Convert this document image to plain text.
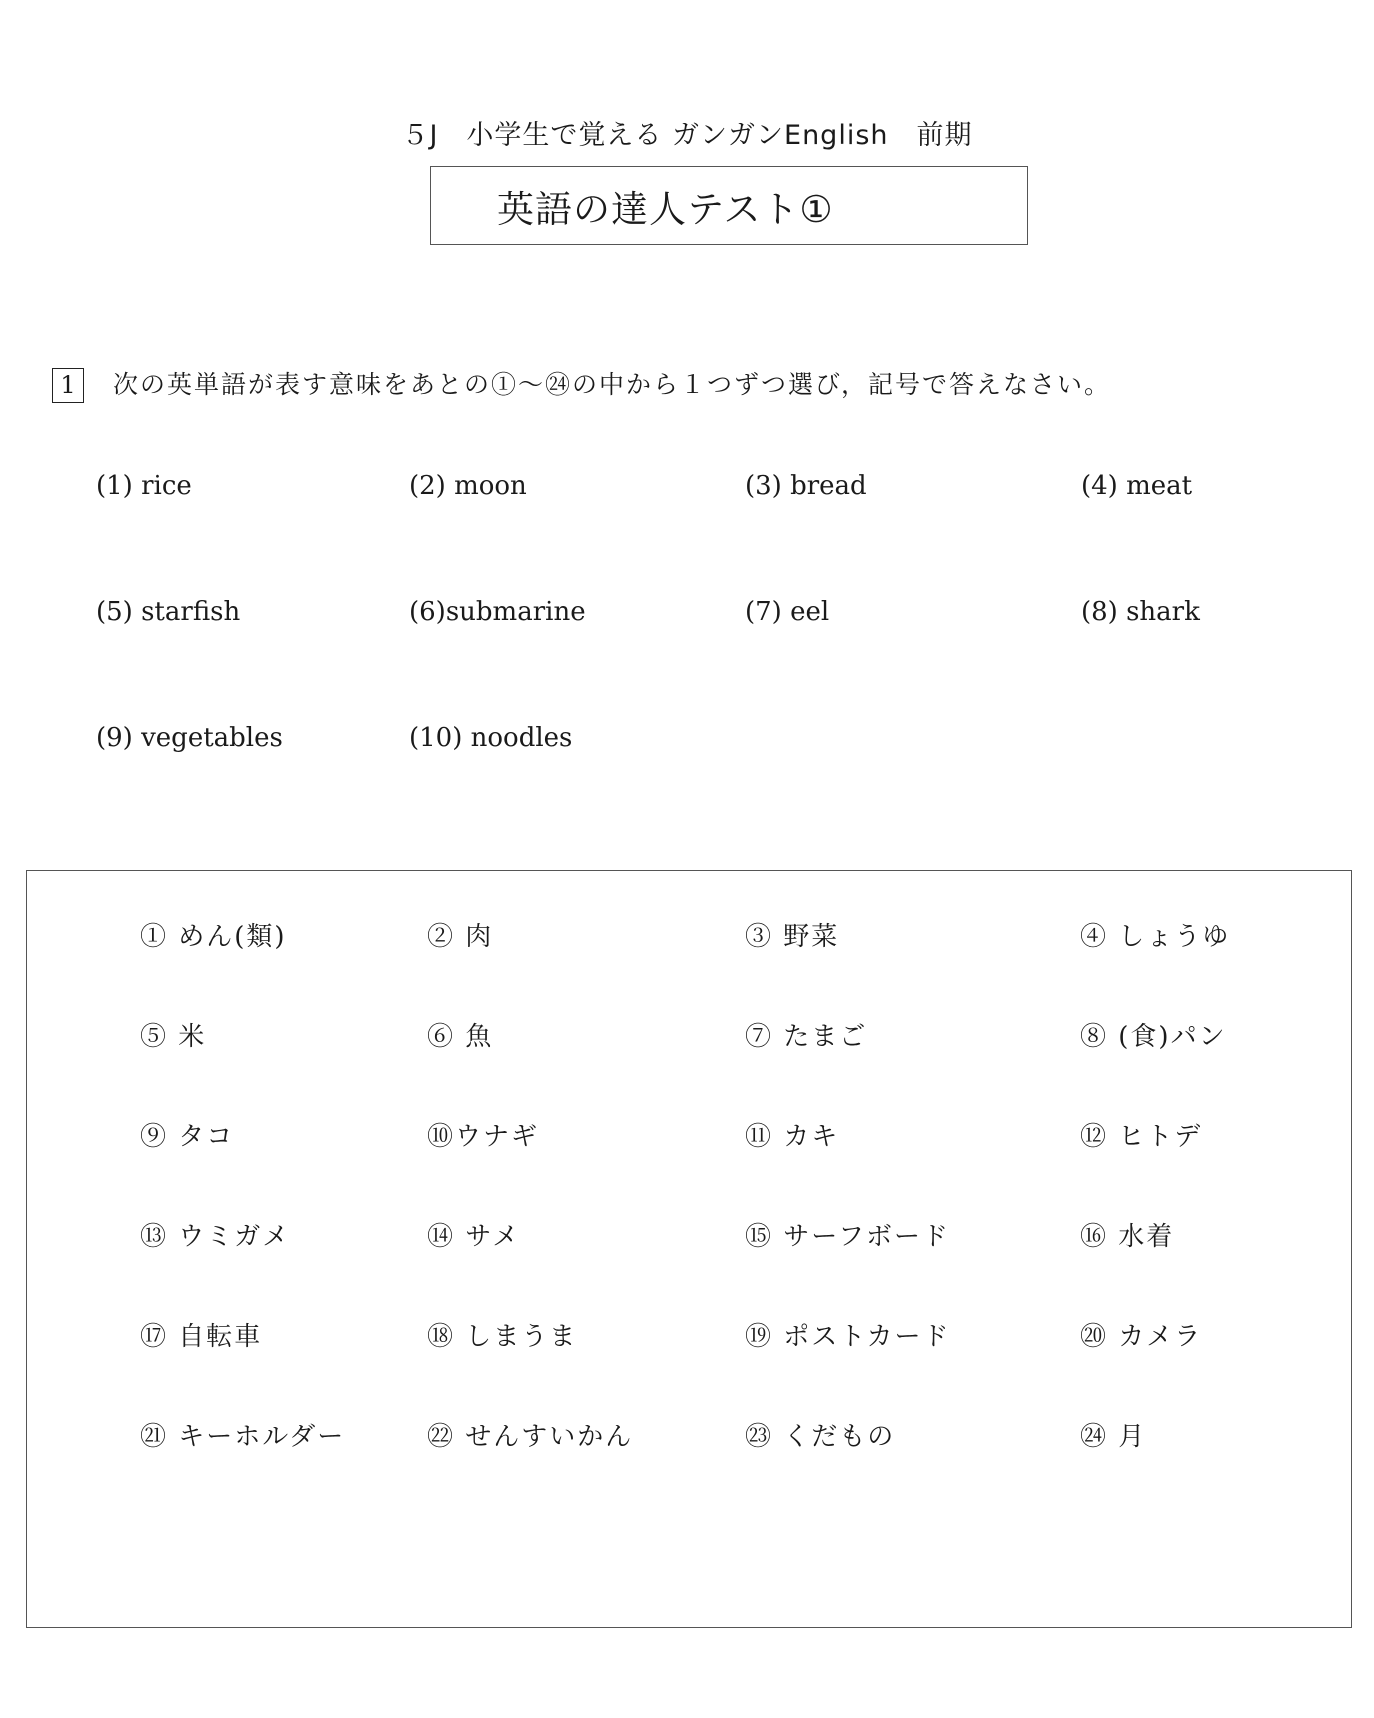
５J　小学生で覚える ガンガンEnglish　前期
英語の達人テスト①
1	次の英単語が表す意味をあとの①～㉔の中から１つずつ選び，記号で答えなさい。
(1) rice	(2) moon	(3) bread	(4) meat
(5) starfish	(6)submarine	(7) eel	(8) shark
(9) vegetables	(10) noodles
① めん(類)	② 肉	③ 野菜	④ しょうゆ
⑤ 米	⑥ 魚	⑦ たまご	⑧ (食)パン
⑨ タコ	⑩ウナギ	⑪ カキ	⑫ ヒトデ
⑬ ウミガメ	⑭ サメ	⑮ サーフボード	⑯ 水着
⑰ 自転車	⑱ しまうま	⑲ ポストカード	⑳ カメラ
㉑ キーホルダー	㉒ せんすいかん	㉓ くだもの	㉔ 月
